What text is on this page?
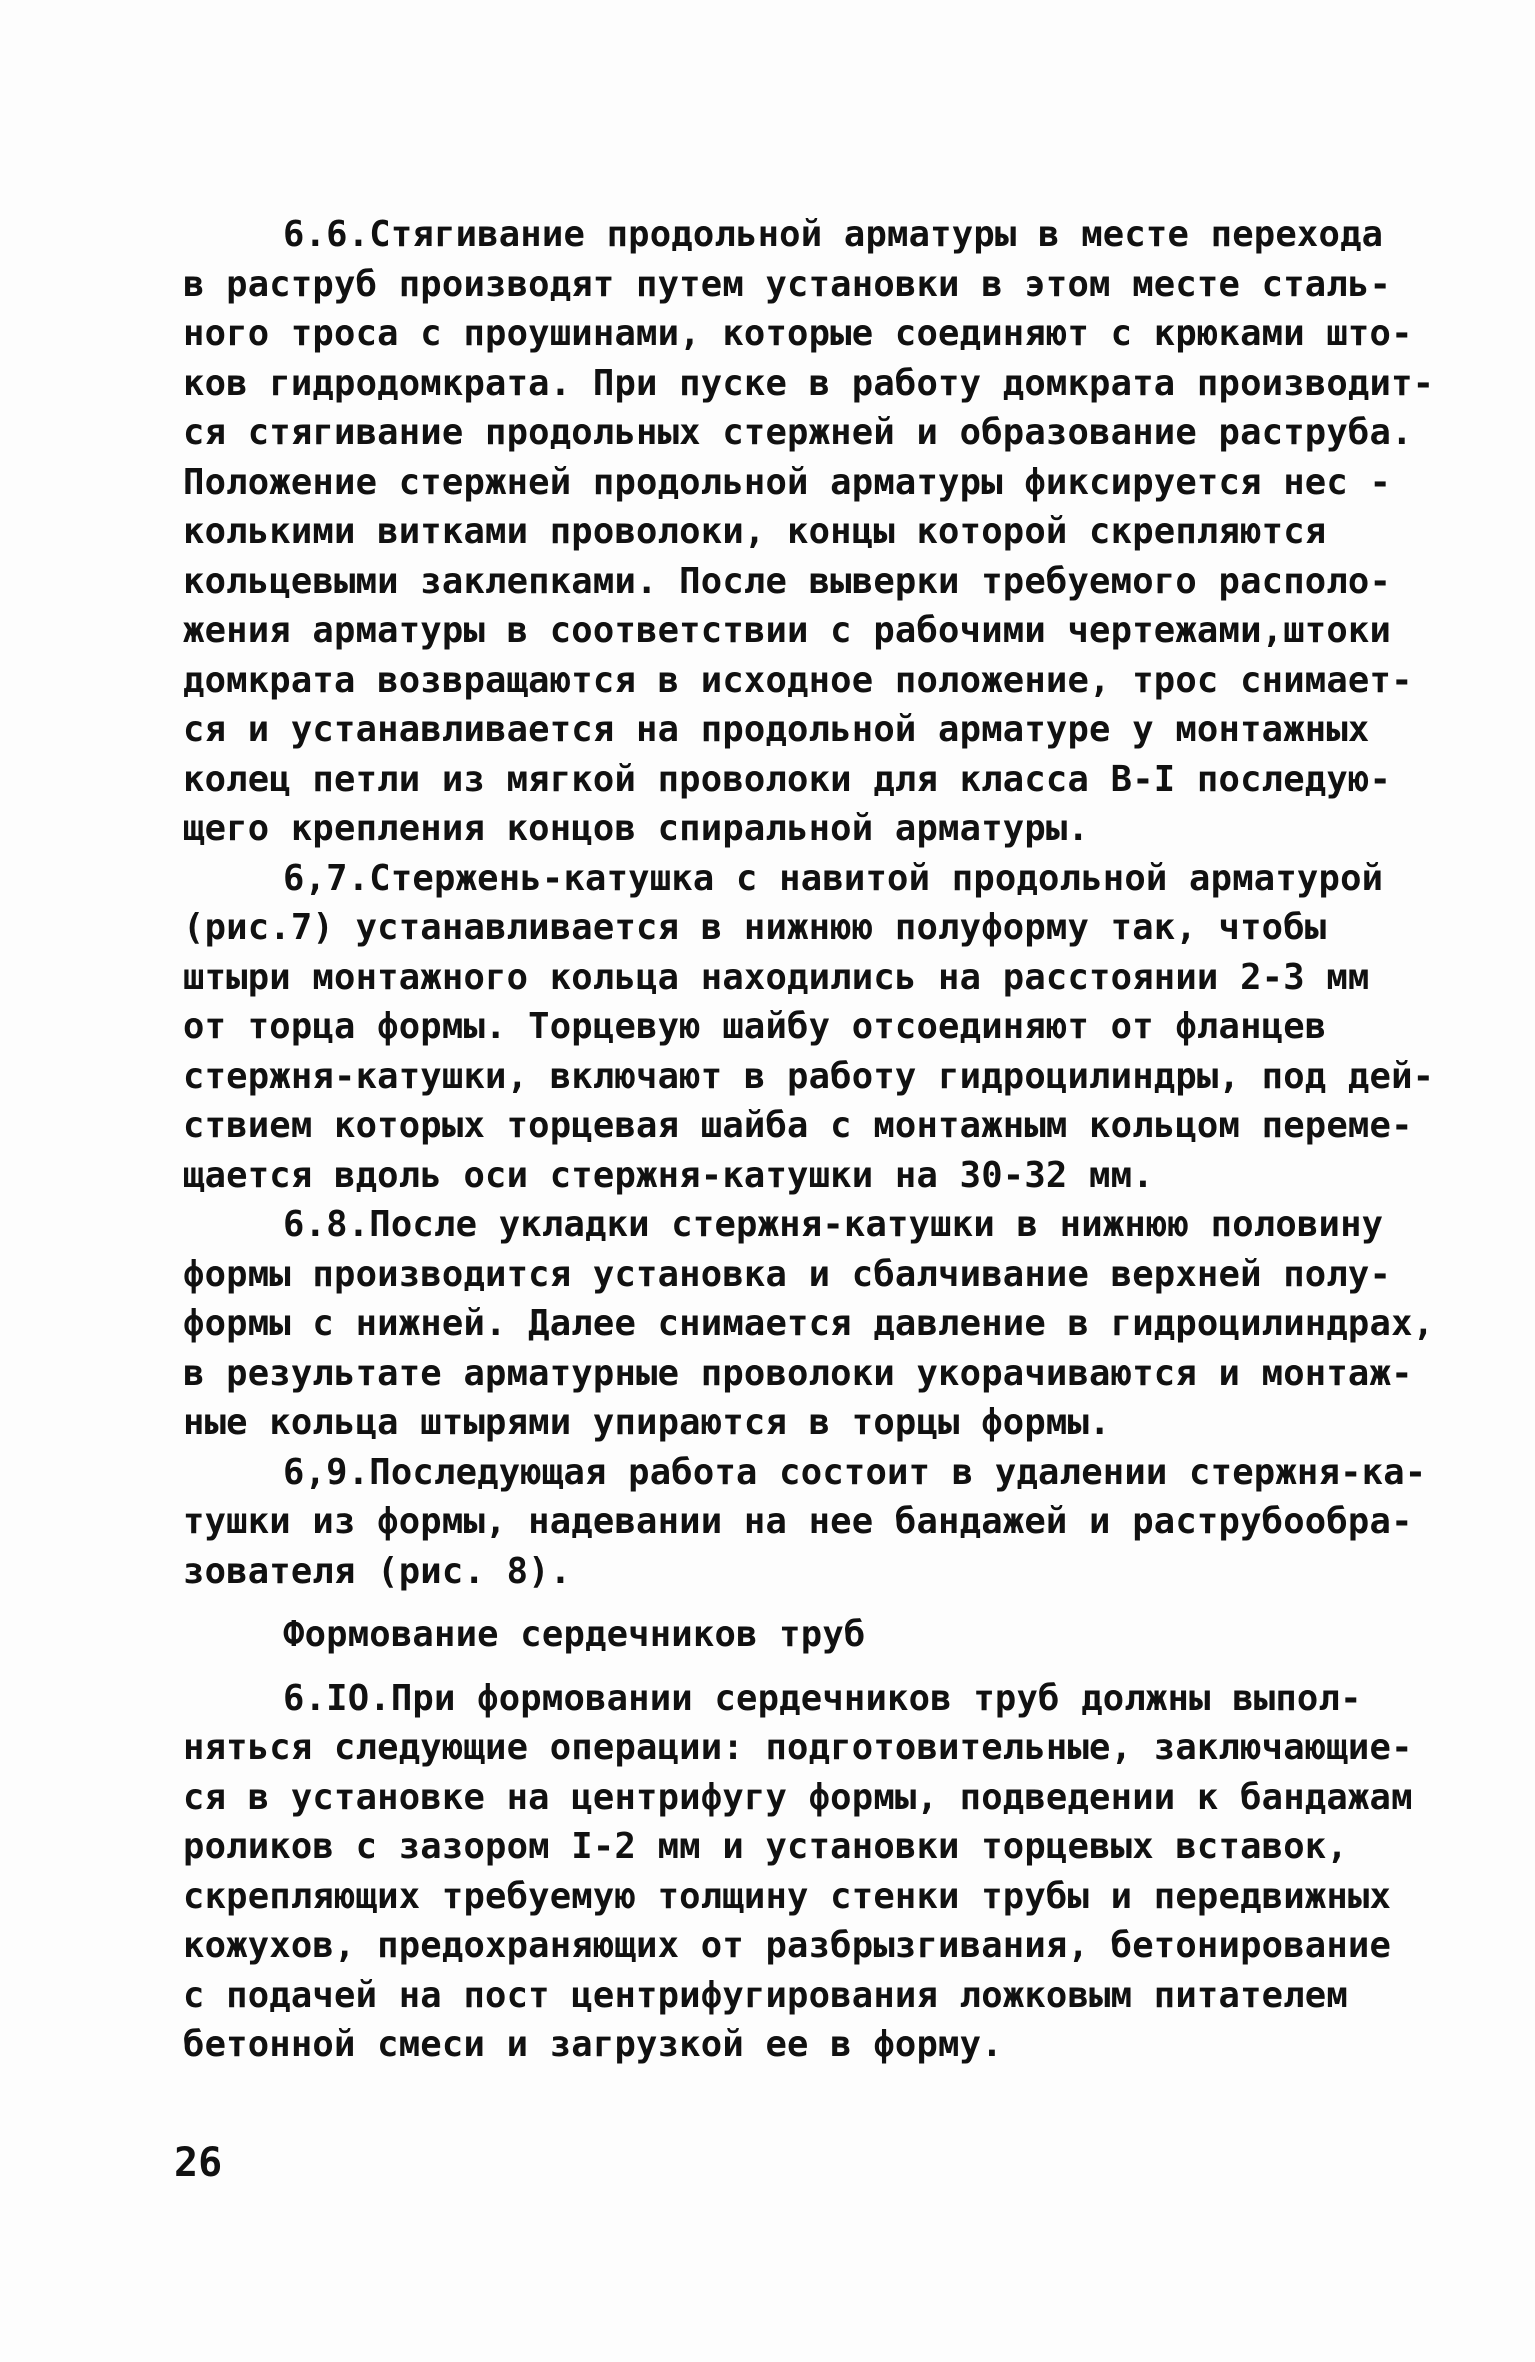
6.6.Стягивание продольной арматуры в месте перехода
в раструб производят путем установки в этом месте сталь-
ного троса с проушинами, которые соединяют с крюками што-
ков гидродомкрата. При пуске в работу домкрата производит-
ся стягивание продольных стержней и образование раструба.
Положение стержней продольной арматуры фиксируется нес -
колькими витками проволоки, концы которой скрепляются
кольцевыми заклепками. После выверки требуемого располо-
жения арматуры в соответствии с рабочими чертежами,штоки
домкрата возвращаются в исходное положение, трос снимает-
ся и устанавливается на продольной арматуре у монтажных
колец петли из мягкой проволоки для класса B-I последую-
щего крепления концов спиральной арматуры.
6,7.Стержень-катушка с навитой продольной арматурой
(рис.7) устанавливается в нижнюю полуформу так, чтобы
штыри монтажного кольца находились на расстоянии 2-3 мм
от торца формы. Торцевую шайбу отсоединяют от фланцев
стержня-катушки, включают в работу гидроцилиндры, под дей-
ствием которых торцевая шайба с монтажным кольцом переме-
щается вдоль оси стержня-катушки на 30-32 мм.
6.8.После укладки стержня-катушки в нижнюю половину
формы производится установка и сбалчивание верхней полу-
формы с нижней. Далее снимается давление в гидроцилиндрах,
в результате арматурные проволоки укорачиваются и монтаж-
ные кольца штырями упираются в торцы формы.
6,9.Последующая работа состоит в удалении стержня-ка-
тушки из формы, надевании на нее бандажей и раструбообра-
зователя (рис. 8).
Формование сердечников труб
6.IO.При формовании сердечников труб должны выпол-
няться следующие операции: подготовительные, заключающие-
ся в установке на центрифугу формы, подведении к бандажам
роликов с зазором I-2 мм и установки торцевых вставок,
скрепляющих требуемую толщину стенки трубы и передвижных
кожухов, предохраняющих от разбрызгивания, бетонирование
с подачей на пост центрифугирования ложковым питателем
бетонной смеси и загрузкой ее в форму.
26
